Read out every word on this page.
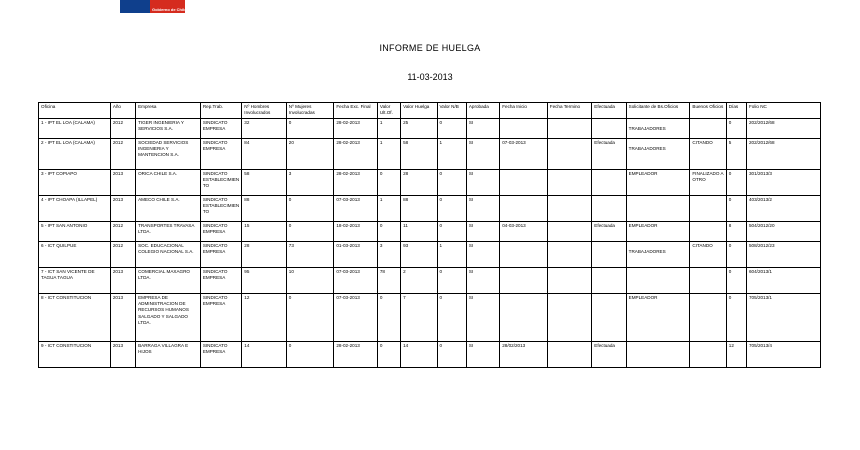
Gobierno de Chile
INFORME DE HUELGA
11-03-2013
Oficina	Año	Empresa	Rep.Trab.	Nº Hombres Involucrados	Nº Mujeres Involucradas	Fecha Exc. Final	Valor Ult.Of.	Valor Huelga	Valor N/B	Aprobada	Fecha Inicio	Fecha Termino	Efectuada	Solicitante de Bs.Oficios	Buenos Oficios	Días	Folio NC
1 - IPT EL LOA (CALAMA)	2012	TIGER INGENIERIA Y SERVICIOS S.A.	SINDICATO EMPRESA	32	0	28-02-2013	1	25	0	SI				TRABAJADORES		0	202/2012/68
2 - IPT EL LOA (CALAMA)	2012	SOCIEDAD SERVICIOS INGENIERIA Y MANTENCION S.A.	SINDICATO EMPRESA	84	20	28-02-2013	1	58	1	SI	07-03-2013		Efectuada	TRABAJADORES	CITANDO	5	202/2012/68
3 - IPT COPIAPO	2013	ORICA CHILE S.A.	SINDICATO ESTABLECIMIENTO	58	3	28-02-2013	0	28	0	SI				EMPLEADOR	FINALIZADO A OTRO	0	301/2013/3
4 - IPT CHOAPA (ILLAPEL)	2013	AMECO CHILE S.A.	SINDICATO ESTABLECIMIENTO	88	0	07-03-2013	1	88	0	SI						0	403/2013/2
5 - IPT SAN ANTONIO	2012	TRANSPORTES TRAVASA LTDA.	SINDICATO EMPRESA	15	0	18-02-2013	0	11	0	SI	04-03-2013		Efectuada	EMPLEADOR		8	504/2012/20
6 - ICT QUILPUE	2012	SOC. EDUCACIONAL COLEGIO NACIONAL S.A.	SINDICATO EMPRESA	28	73	01-03-2013	3	93	1	SI				TRABAJADORES	CITANDO	0	508/2012/23
7 - ICT SAN VICENTE DE TAGUA TAGUA	2013	COMERCIAL MAXAGRO LTDA.	SINDICATO EMPRESA	95	10	07-03-2013	78	2	0	SI						0	604/2013/1
8 - ICT CONSTITUCION	2013	EMPRESA DE ADMINISTRACION DE RECURSOS HUMANOS SALGADO Y SALGADO LTDA.	SINDICATO EMPRESA	12	0	07-03-2013	0	7	0	SI				EMPLEADOR		0	705/2013/1
9 - ICT CONSTITUCION	2013	BARRAGA VILLAGRA E HIJOS	SINDICATO EMPRESA	14	0	28-02-2013	0	14	0	SI	28/02/2013		Efectuada			12	705/2013/4
